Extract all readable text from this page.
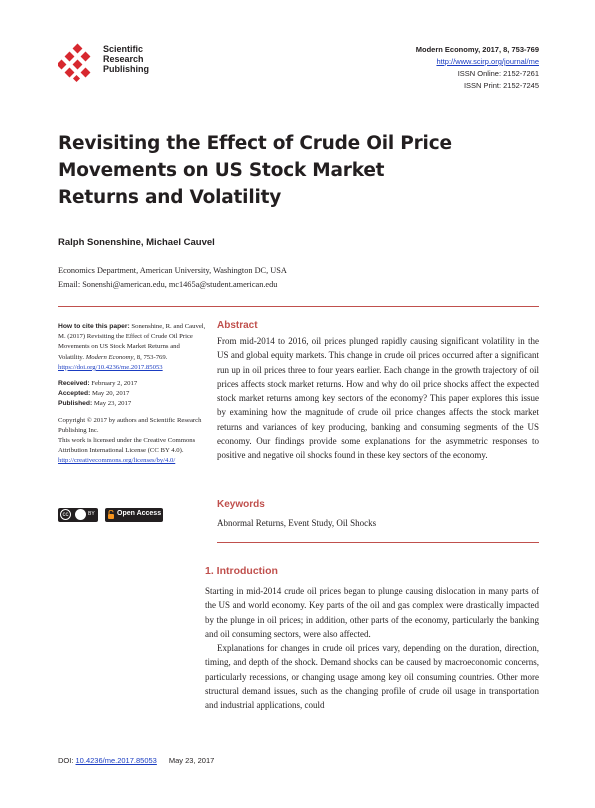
Scientific
Research
Publishing
Modern Economy, 2017, 8, 753-769
http://www.scirp.org/journal/me
ISSN Online: 2152-7261
ISSN Print: 2152-7245
Revisiting the Effect of Crude Oil Price
Movements on US Stock Market
Returns and Volatility
Ralph Sonenshine, Michael Cauvel
Economics Department, American University, Washington DC, USA
Email: Sonenshi@american.edu, mc1465a@student.american.edu
How to cite this paper: Sonenshine, R. and Cauvel, M. (2017) Revisiting the Effect of Crude Oil Price Movements on US Stock Market Returns and Volatility. Modern Economy, 8, 753-769.
https://doi.org/10.4236/me.2017.85053
Received: February 2, 2017
Accepted: May 20, 2017
Published: May 23, 2017
Copyright © 2017 by authors and Scientific Research Publishing Inc.
This work is licensed under the Creative Commons Attribution International License (CC BY 4.0).
http://creativecommons.org/licenses/by/4.0/
cc	BY	Open Access
Abstract
From mid-2014 to 2016, oil prices plunged rapidly causing significant volatility in the US and global equity markets. This change in crude oil prices occurred after a significant run up in oil prices three to four years earlier. Each change in the growth trajectory of oil prices affects stock market returns. How and why do oil price shocks affect the expected stock market returns among key sectors of the economy? This paper explores this issue by examining how the magnitude of crude oil price changes affects the stock market returns and variances of key producing, banking and consuming segments of the US economy. Our findings provide some explanations for the asymmetric responses to positive and negative oil shocks found in these key sectors of the economy.
Keywords
Abnormal Returns, Event Study, Oil Shocks
1. Introduction

Starting in mid-2014 crude oil prices began to plunge causing dislocation in many parts of the US and world economy. Key parts of the oil and gas complex were drastically impacted by the plunge in oil prices; in addition, other parts of the economy, particularly the banking and oil consuming sectors, were also affected.

Explanations for changes in crude oil prices vary, depending on the duration, direction, timing, and depth of the shock. Demand shocks can be caused by macroeconomic concerns, particularly recessions, or changing usage among key oil consuming countries. Other more structural demand issues, such as the changing profile of crude oil usage in transportation and industrial applications, could

DOI: 10.4236/me.2017.85053 May 23, 2017
